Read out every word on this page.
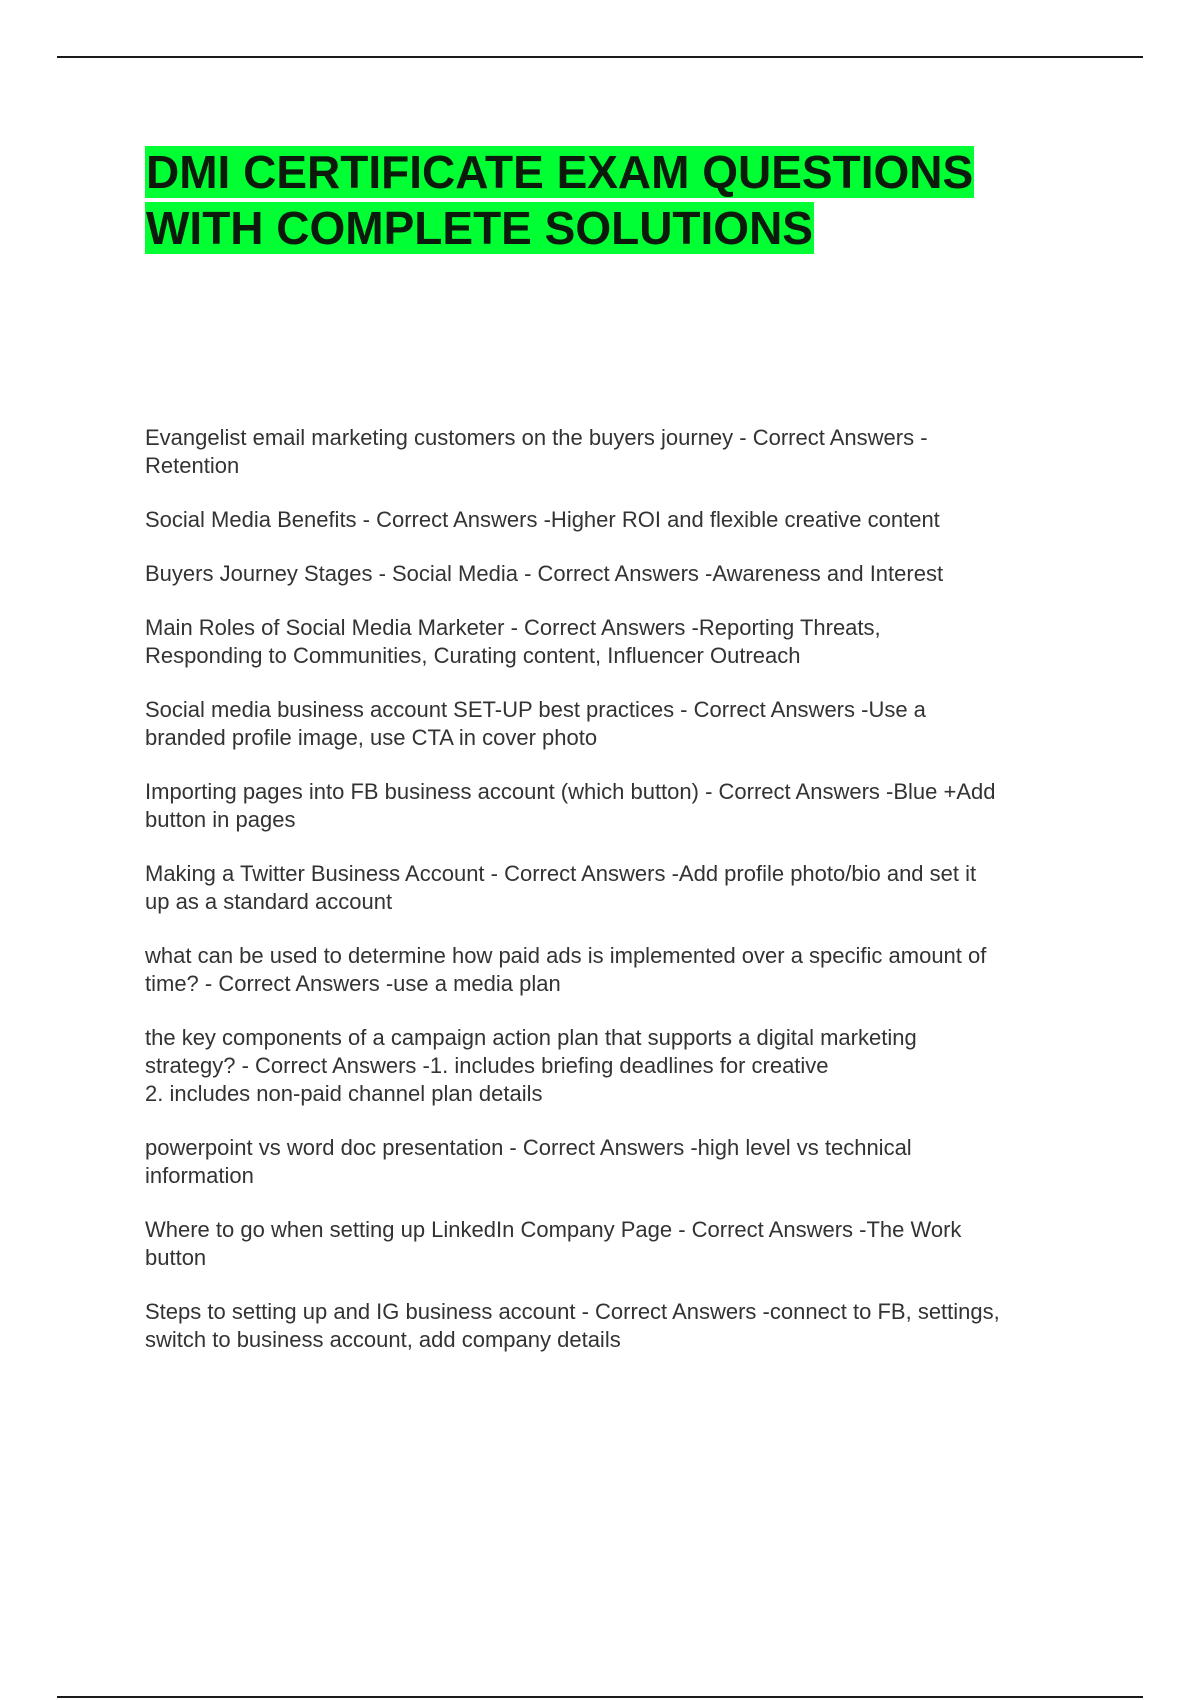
DMI CERTIFICATE EXAM QUESTIONS
WITH COMPLETE SOLUTIONS
Evangelist email marketing customers on the buyers journey - Correct Answers -
Retention
Social Media Benefits - Correct Answers -Higher ROI and flexible creative content
Buyers Journey Stages - Social Media - Correct Answers -Awareness and Interest
Main Roles of Social Media Marketer - Correct Answers -Reporting Threats,
Responding to Communities, Curating content, Influencer Outreach
Social media business account SET-UP best practices - Correct Answers -Use a
branded profile image, use CTA in cover photo
Importing pages into FB business account (which button) - Correct Answers -Blue +Add
button in pages
Making a Twitter Business Account - Correct Answers -Add profile photo/bio and set it
up as a standard account
what can be used to determine how paid ads is implemented over a specific amount of
time? - Correct Answers -use a media plan
the key components of a campaign action plan that supports a digital marketing
strategy? - Correct Answers -1. includes briefing deadlines for creative
2. includes non-paid channel plan details
powerpoint vs word doc presentation - Correct Answers -high level vs technical
information
Where to go when setting up LinkedIn Company Page - Correct Answers -The Work
button
Steps to setting up and IG business account - Correct Answers -connect to FB, settings,
switch to business account, add company details
